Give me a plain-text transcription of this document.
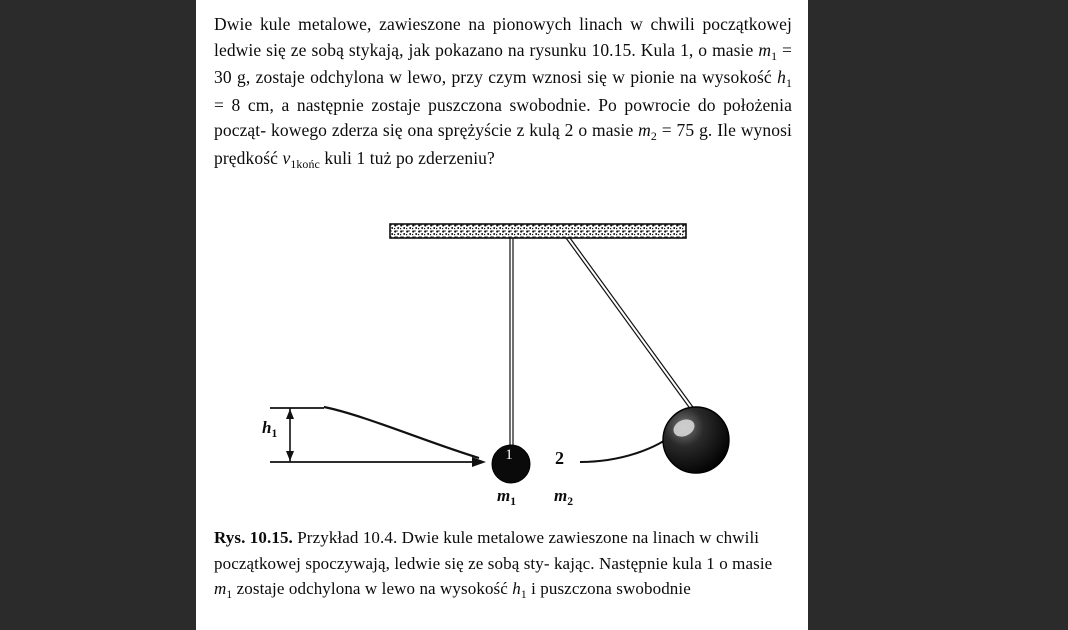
Dwie kule metalowe, zawieszone na pionowych linach w chwili początkowej ledwie się ze sobą stykają, jak pokazano na rysunku 10.15. Kula 1, o masie $m_1 = 30$ g, zostaje odchylona w lewo, przy czym wznosi się w pionie na wysokość $h_1 = 8$ cm, a następnie zostaje puszczona swobodnie. Po powrocie do położenia począt- kowego zderza się ona sprężyście z kulą 2 o masie $m_2 = 75$ g. Ile wynosi prędkość $v_{1końc}$ kuli 1 tuż po zderzeniu?
1
$h_1$
2
$m_1$ $m_2$
Rys. 10.15. Przykład 10.4. Dwie kule metalowe zawieszone na linach w chwili początkowej spoczywają, ledwie się ze sobą sty- kając. Następnie kula 1 o masie $m_1$ zostaje odchylona w lewo na wysokość $h_1$ i puszczona swobodnie
